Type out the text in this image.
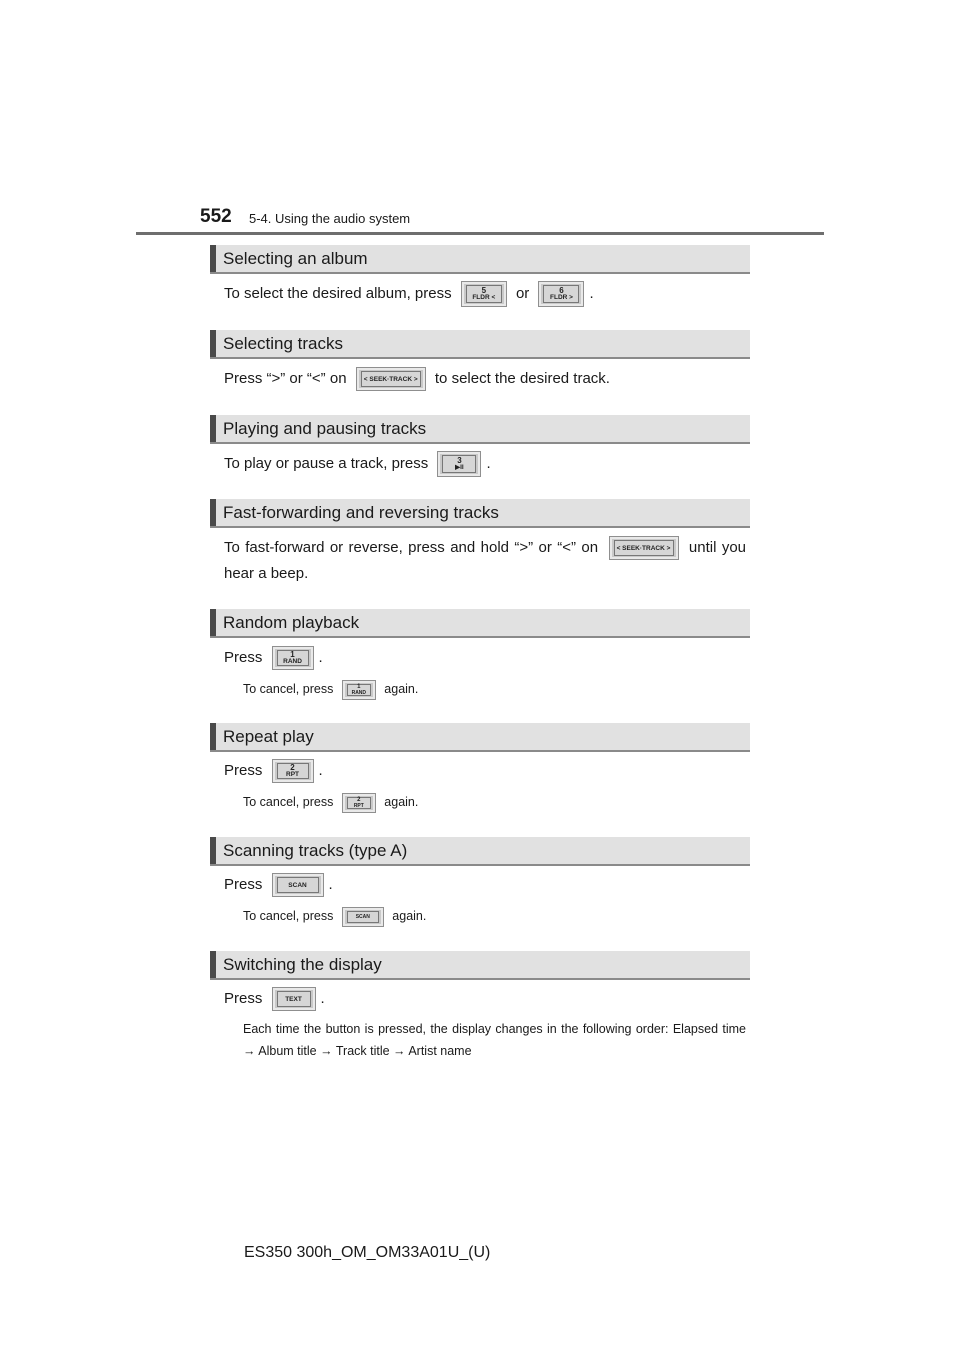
552 5-4. Using the audio system
Selecting an album
To select the desired album, press	5
FLDR < or	6
FLDR > .
Selecting tracks
Press “>” or “<” on	< SEEK·TRACK > to select the desired track.
Playing and pausing tracks
To play or pause a track, press	3
▶II .
Fast-forwarding and reversing tracks
To fast-forward or reverse, press and hold “>” or “<” on	< SEEK·TRACK > until you hear a beep.
Random playback
Press	1
RAND .
To cancel, press	1
RAND again.
Repeat play
Press	2
RPT .
To cancel, press	2
RPT again.
Scanning tracks (type A)
Press	SCAN	.
To cancel, press	SCAN	again.
Switching the display
Press	TEXT	.
Each time the button is pressed, the display changes in the following order: Elapsed time → Album title → Track title → Artist name
ES350 300h_OM_OM33A01U_(U)
